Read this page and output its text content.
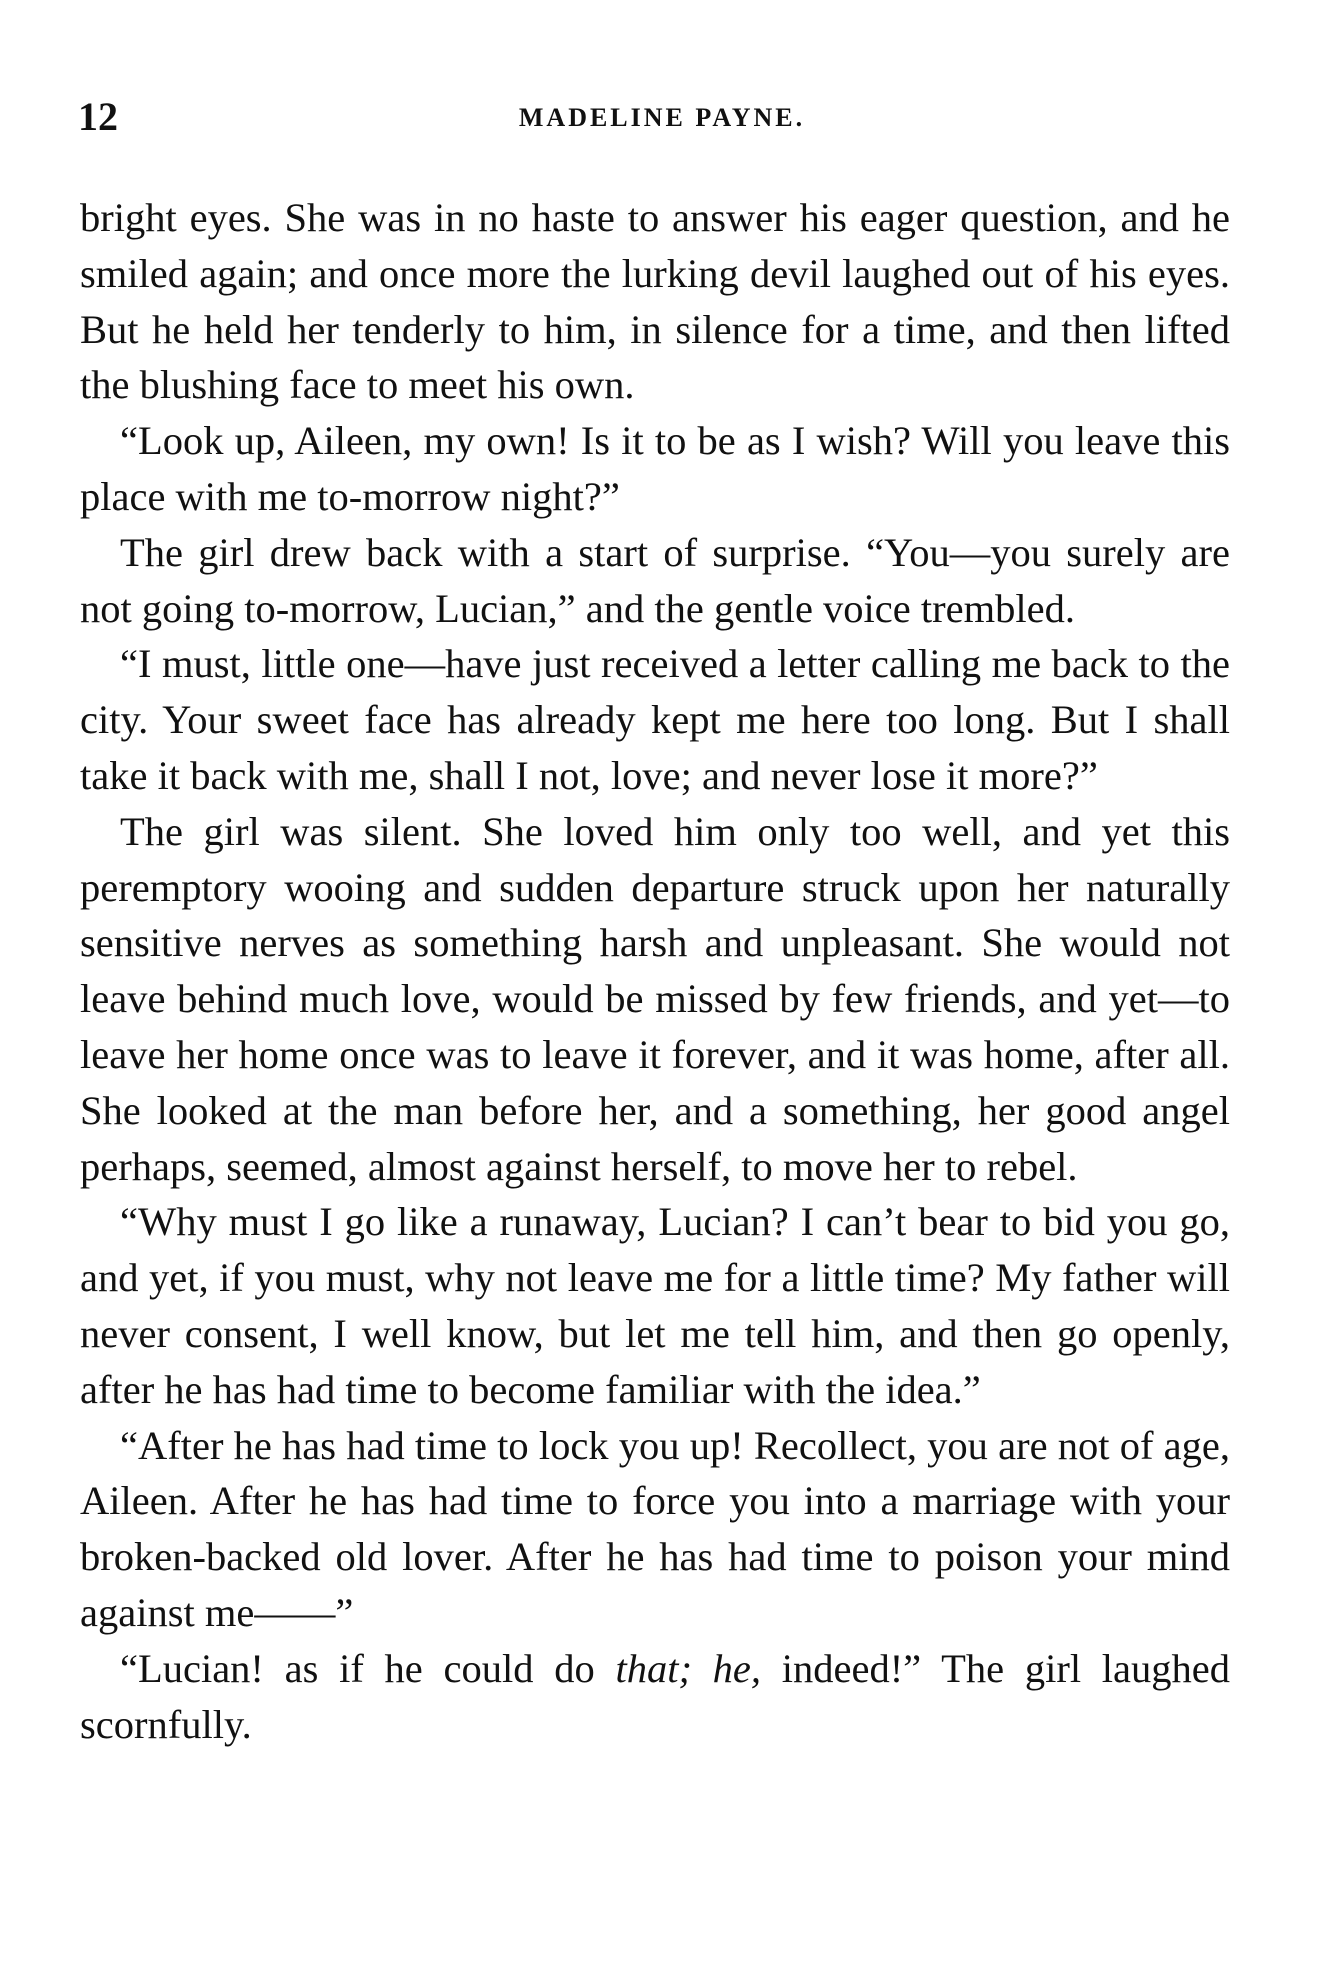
12	MADELINE PAYNE.

bright eyes. She was in no haste to answer his eager question, and he smiled again; and once more the lurking devil laughed out of his eyes. But he held her tenderly to him, in silence for a time, and then lifted the blushing face to meet his own.

“Look up, Aileen, my own! Is it to be as I wish? Will you leave this place with me to-morrow night?”

The girl drew back with a start of surprise. “You—you surely are not going to-morrow, Lucian,” and the gentle voice trembled.

“I must, little one—have just received a letter calling me back to the city. Your sweet face has already kept me here too long. But I shall take it back with me, shall I not, love; and never lose it more?”

The girl was silent. She loved him only too well, and yet this peremptory wooing and sudden departure struck upon her naturally sensitive nerves as something harsh and unpleasant. She would not leave behind much love, would be missed by few friends, and yet—to leave her home once was to leave it forever, and it was home, after all. She looked at the man before her, and a something, her good angel perhaps, seemed, almost against herself, to move her to rebel.

“Why must I go like a runaway, Lucian? I can’t bear to bid you go, and yet, if you must, why not leave me for a little time? My father will never consent, I well know, but let me tell him, and then go openly, after he has had time to become familiar with the idea.”

“After he has had time to lock you up! Recollect, you are not of age, Aileen. After he has had time to force you into a marriage with your broken-backed old lover. After he has had time to poison your mind against me——”

“Lucian! as if he could do that; he, indeed!” The girl laughed scornfully.
